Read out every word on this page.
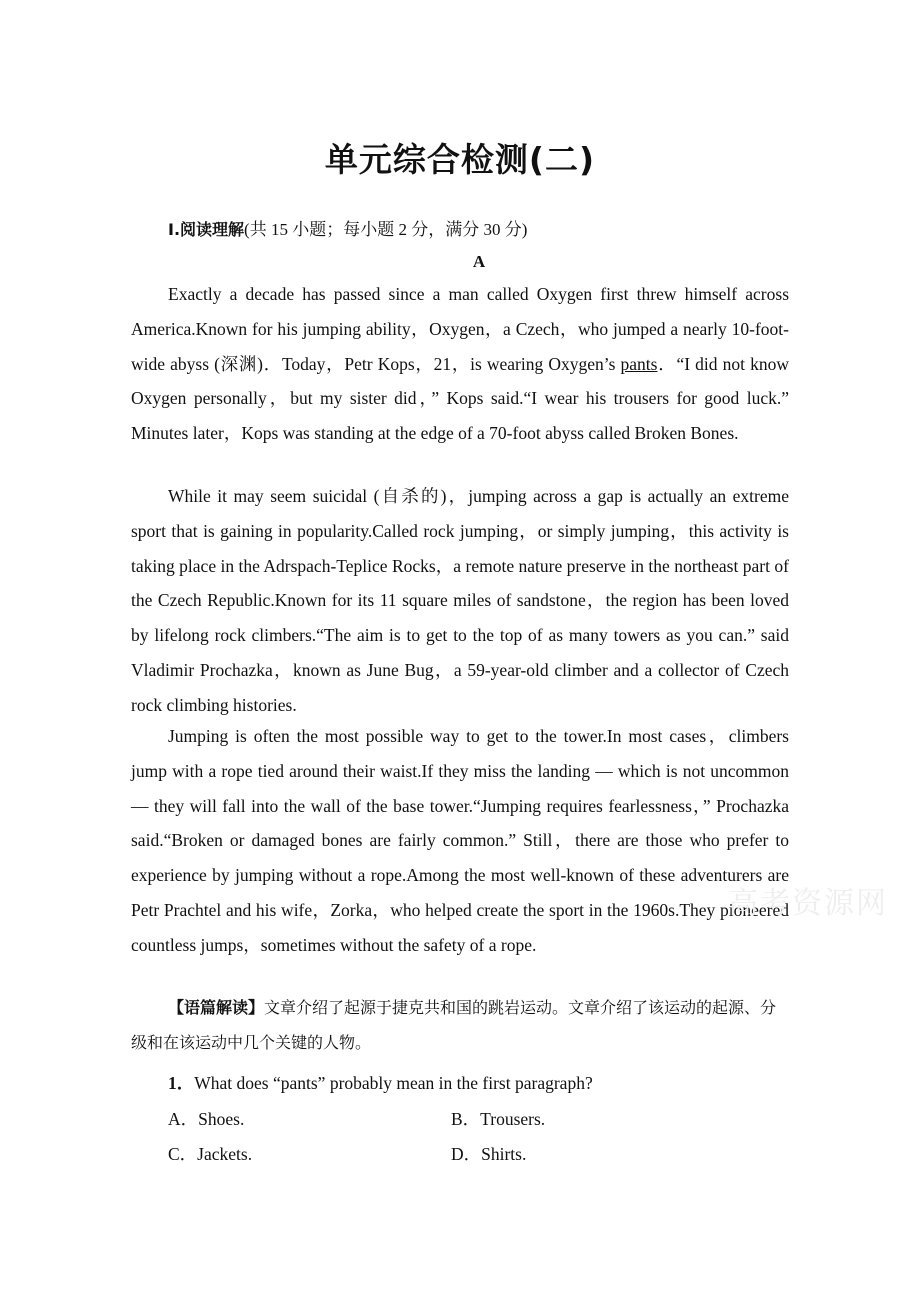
单元综合检测(二)
Ⅰ.阅读理解(共 15 小题；每小题 2 分，满分 30 分)
A

Exactly a decade has passed since a man called Oxygen first threw himself across America.Known for his jumping ability，Oxygen，a Czech，who jumped a nearly 10-foot-wide abyss (深渊)．Today，Petr Kops，21，is wearing Oxygen’s pants．“I did not know Oxygen personally，but my sister did，” Kops said.“I wear his trousers for good luck.” Minutes later，Kops was standing at the edge of a 70-foot abyss called Broken Bones.

While it may seem suicidal (自杀的)，jumping across a gap is actually an extreme sport that is gaining in popularity.Called rock jumping，or simply jumping，this activity is taking place in the Adrspach-Teplice Rocks，a remote nature preserve in the northeast part of the Czech Republic.Known for its 11 square miles of sandstone，the region has been loved by lifelong rock climbers.“The aim is to get to the top of as many towers as you can.” said Vladimir Prochazka，known as June Bug，a 59-year-old climber and a collector of Czech rock climbing histories.

Jumping is often the most possible way to get to the tower.In most cases，climbers jump with a rope tied around their waist.If they miss the landing — which is not uncommon — they will fall into the wall of the base tower.“Jumping requires fearlessness，” Prochazka said.“Broken or damaged bones are fairly common.” Still，there are those who prefer to experience by jumping without a rope.Among the most well-known of these adventurers are Petr Prachtel and his wife，Zorka，who helped create the sport in the 1960s.They pioneered countless jumps，sometimes without the safety of a rope.

【语篇解读】文章介绍了起源于捷克共和国的跳岩运动。文章介绍了该运动的起源、分级和在该运动中几个关键的人物。
1．What does “pants” probably mean in the first paragraph?
A．Shoes.	B．Trousers.
C．Jackets.	D．Shirts.
高考资源网
